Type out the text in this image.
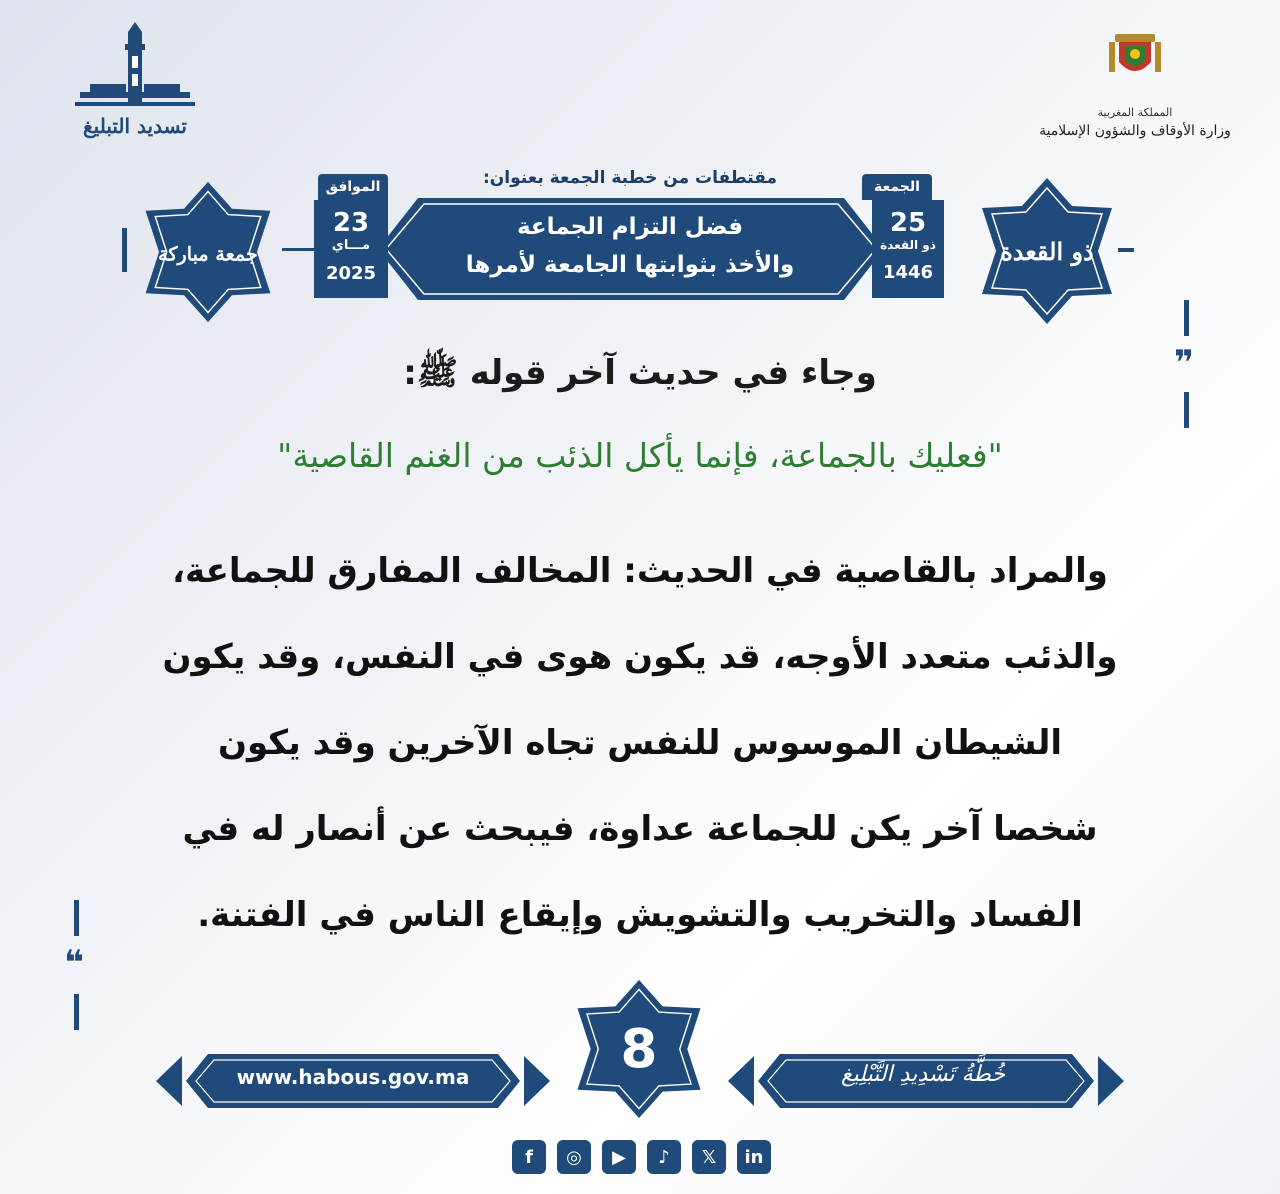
تسديد التبليغ
المملكة المغربية
وزارة الأوقاف والشؤون الإسلامية
مقتطفات من خطبة الجمعة بعنوان:
فضل التزام الجماعة
والأخذ بثوابتها الجامعة لأمرها
الجمعة
25
ذو القعدة
1446
الموافق
23
مـــاي
2025
ذو القعدة
جمعة مباركة
❞
❝
وجاء في حديث آخر قوله ﷺ:
"فعليك بالجماعة، فإنما يأكل الذئب من الغنم القاصية"
والمراد بالقاصية في الحديث: المخالف المفارق للجماعة،
والذئب متعدد الأوجه، قد يكون هوى في النفس، وقد يكون
الشيطان الموسوس للنفس تجاه الآخرين وقد يكون
شخصا آخر يكن للجماعة عداوة، فيبحث عن أنصار له في
الفساد والتخريب والتشويش وإيقاع الناس في الفتنة.
www.habous.gov.ma	خُطَّةُ تَسْدِيدِ التَّبْلِيغ
8
f	◎	▶	♪	𝕏	in
